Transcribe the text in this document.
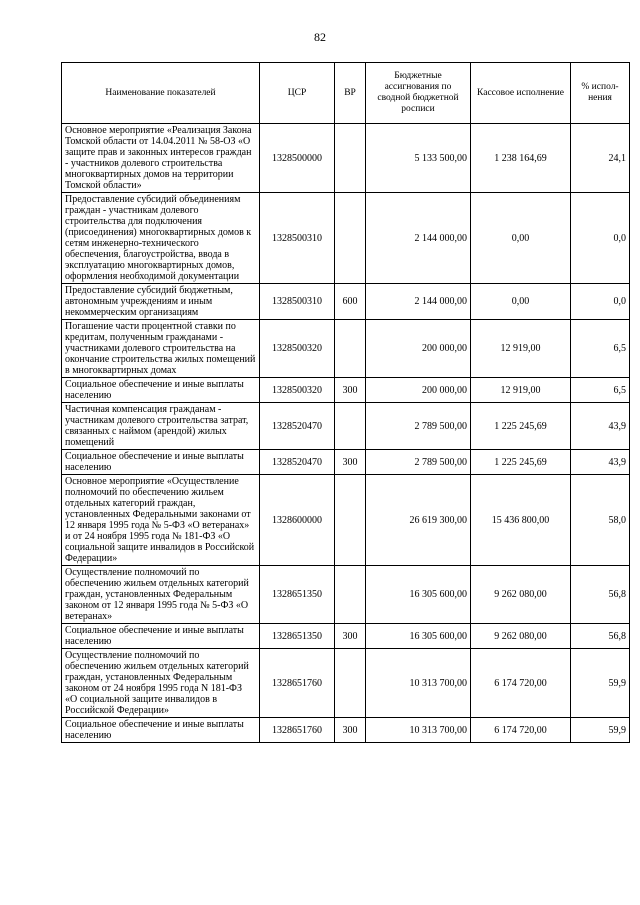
82
Наименование показателей	ЦСР	ВР	Бюджетные ассигнования по сводной бюджетной росписи	Кассовое исполнение	% испол-нения
Основное мероприятие «Реализация Закона Томской области от 14.04.2011 № 58-ОЗ «О защите прав и законных интересов граждан - участников долевого строительства многоквартирных домов на территории Томской области»	1328500000		5 133 500,00	1 238 164,69	24,1
Предоставление субсидий объединениям граждан - участникам долевого строительства для подключения (присоединения) многоквартирных домов к сетям инженерно-технического обеспечения, благоустройства, ввода в эксплуатацию многоквартирных домов, оформления необходимой документации	1328500310		2 144 000,00	0,00	0,0
Предоставление субсидий бюджетным, автономным учреждениям и иным некоммерческим организациям	1328500310	600	2 144 000,00	0,00	0,0
Погашение части процентной ставки по кредитам, полученным гражданами - участниками долевого строительства на окончание строительства жилых помещений в многоквартирных домах	1328500320		200 000,00	12 919,00	6,5
Социальное обеспечение и иные выплаты населению	1328500320	300	200 000,00	12 919,00	6,5
Частичная компенсация гражданам - участникам долевого строительства затрат, связанных с наймом (арендой) жилых помещений	1328520470		2 789 500,00	1 225 245,69	43,9
Социальное обеспечение и иные выплаты населению	1328520470	300	2 789 500,00	1 225 245,69	43,9
Основное мероприятие «Осуществление полномочий по обеспечению жильем отдельных категорий граждан, установленных Федеральными законами от 12 января 1995 года № 5-ФЗ «О ветеранах» и от 24 ноября 1995 года № 181-ФЗ «О социальной защите инвалидов в Российской Федерации»	1328600000		26 619 300,00	15 436 800,00	58,0
Осуществление полномочий по обеспечению жильем отдельных категорий граждан, установленных Федеральным законом от 12 января 1995 года № 5-ФЗ «О ветеранах»	1328651350		16 305 600,00	9 262 080,00	56,8
Социальное обеспечение и иные выплаты населению	1328651350	300	16 305 600,00	9 262 080,00	56,8
Осуществление полномочий по обеспечению жильем отдельных категорий граждан, установленных Федеральным законом от 24 ноября 1995 года N 181-ФЗ «О социальной защите инвалидов в Российской Федерации»	1328651760		10 313 700,00	6 174 720,00	59,9
Социальное обеспечение и иные выплаты населению	1328651760	300	10 313 700,00	6 174 720,00	59,9
